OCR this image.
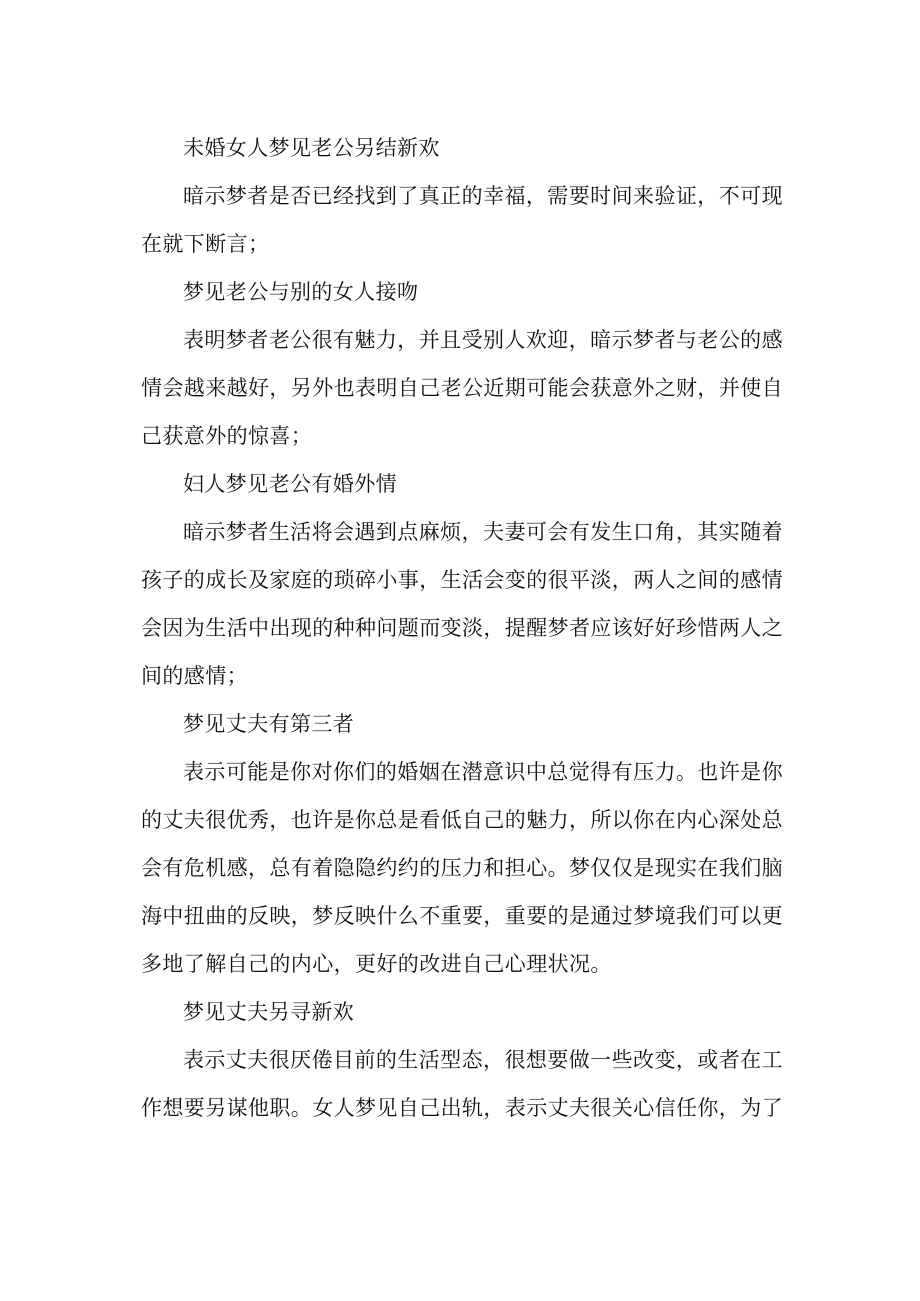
未婚女人梦见老公另结新欢

暗示梦者是否已经找到了真正的幸福，需要时间来验证，不可现在就下断言；

梦见老公与别的女人接吻

表明梦者老公很有魅力，并且受别人欢迎，暗示梦者与老公的感情会越来越好，另外也表明自己老公近期可能会获意外之财，并使自己获意外的惊喜；

妇人梦见老公有婚外情

暗示梦者生活将会遇到点麻烦，夫妻可会有发生口角，其实随着孩子的成长及家庭的琐碎小事，生活会变的很平淡，两人之间的感情会因为生活中出现的种种问题而变淡，提醒梦者应该好好珍惜两人之间的感情；

梦见丈夫有第三者

表示可能是你对你们的婚姻在潜意识中总觉得有压力。也许是你的丈夫很优秀，也许是你总是看低自己的魅力，所以你在内心深处总会有危机感，总有着隐隐约约的压力和担心。梦仅仅是现实在我们脑海中扭曲的反映，梦反映什么不重要，重要的是通过梦境我们可以更多地了解自己的内心，更好的改进自己心理状况。

梦见丈夫另寻新欢

表示丈夫很厌倦目前的生活型态，很想要做一些改变，或者在工作想要另谋他职。女人梦见自己出轨，表示丈夫很关心信任你，为了
